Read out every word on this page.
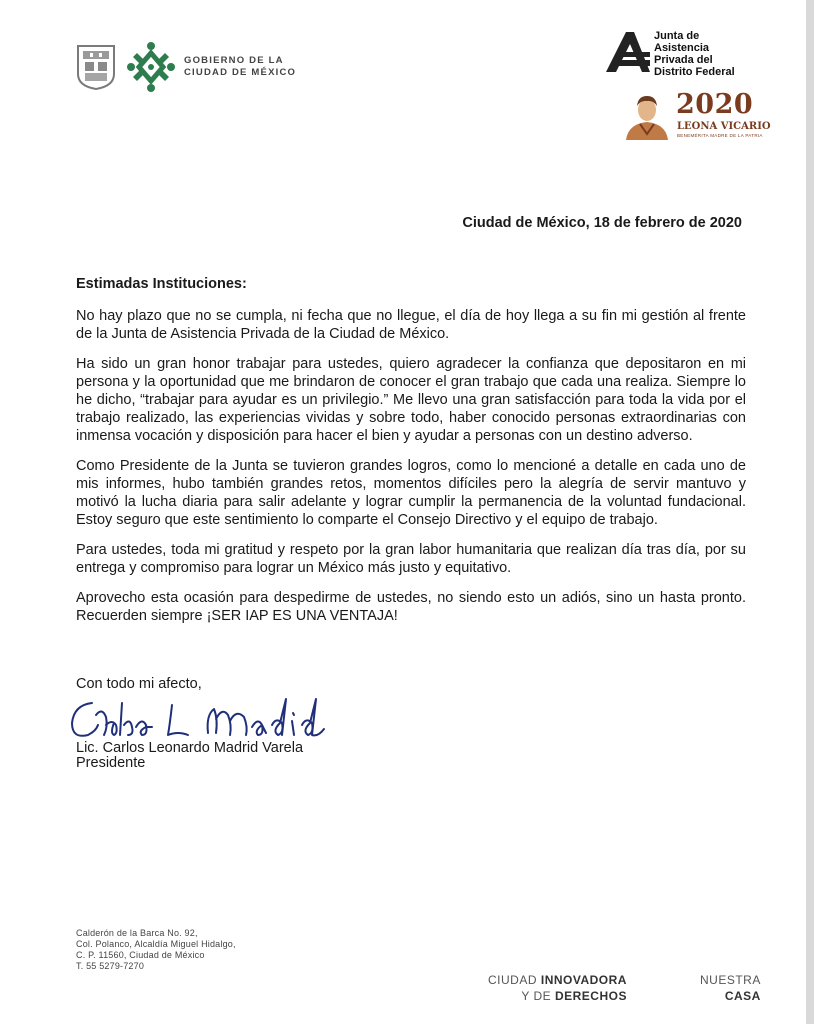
GOBIERNO DE LA
CIUDAD DE MÉXICO
Junta de
Asistencia
Privada del
Distrito Federal
2020
LEONA VICARIO
BENEMÉRITA MADRE DE LA PATRIA
Ciudad de México, 18 de febrero de 2020
Estimadas Instituciones:

No hay plazo que no se cumpla, ni fecha que no llegue, el día de hoy llega a su fin mi gestión al frente de la Junta de Asistencia Privada de la Ciudad de México.

Ha sido un gran honor trabajar para ustedes, quiero agradecer la confianza que depositaron en mi persona y la oportunidad que me brindaron de conocer el gran trabajo que cada una realiza. Siempre lo he dicho, “trabajar para ayudar es un privilegio.” Me llevo una gran satisfacción para toda la vida por el trabajo realizado, las experiencias vividas y sobre todo, haber conocido personas extraordinarias con inmensa vocación y disposición para hacer el bien y ayudar a personas con un destino adverso.

Como Presidente de la Junta se tuvieron grandes logros, como lo mencioné a detalle en cada uno de mis informes, hubo también grandes retos, momentos difíciles pero la alegría de servir mantuvo y motivó la lucha diaria para salir adelante y lograr cumplir la permanencia de la voluntad fundacional. Estoy seguro que este sentimiento lo comparte el Consejo Directivo y el equipo de trabajo.

Para ustedes, toda mi gratitud y respeto por la gran labor humanitaria que realizan día tras día, por su entrega y compromiso para lograr un México más justo y equitativo.

Aprovecho esta ocasión para despedirme de ustedes, no siendo esto un adiós, sino un hasta pronto. Recuerden siempre ¡SER IAP ES UNA VENTAJA!

Con todo mi afecto,
Lic. Carlos Leonardo Madrid Varela
Presidente
Calderón de la Barca No. 92,
Col. Polanco, Alcaldía Miguel Hidalgo,
C. P. 11560, Ciudad de México
T. 55 5279-7270
CIUDAD INNOVADORA
Y DE DERECHOS
NUESTRA
CASA
